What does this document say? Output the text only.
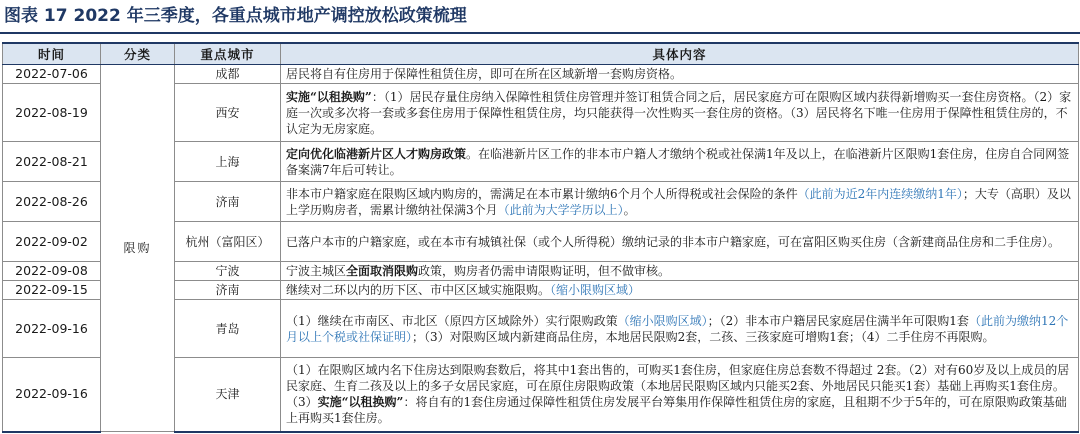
图表 17 2022 年三季度，各重点城市地产调控放松政策梳理
时间	分类	重点城市	具体内容
2022-07-06	限购	成都	居民将自有住房用于保障性租赁住房，即可在所在区域新增一套购房资格。
2022-08-19		西安	实施“以租换购”：（1）居民存量住房纳入保障性租赁住房管理并签订租赁合同之后，居民家庭方可在限购区域内获得新增购买一套住房资格。（2）家庭一次或多次将一套或多套住房用于保障性租赁住房，均只能获得一次性购买一套住房的资格。（3）居民将名下唯一住房用于保障性租赁住房的，不认定为无房家庭。
2022-08-21		上海	定向优化临港新片区人才购房政策。在临港新片区工作的非本市户籍人才缴纳个税或社保满1年及以上，在临港新片区限购1套住房，住房自合同网签备案满7年后可转让。
2022-08-26		济南	非本市户籍家庭在限购区域内购房的，需满足在本市累计缴纳6个月个人所得税或社会保险的条件（此前为近2年内连续缴纳1年）；大专（高职）及以上学历购房者，需累计缴纳社保满3个月（此前为大学学历以上）。
2022-09-02		杭州（富阳区）	已落户本市的户籍家庭，或在本市有城镇社保（或个人所得税）缴纳记录的非本市户籍家庭，可在富阳区购买住房（含新建商品住房和二手住房）。
2022-09-08		宁波	宁波主城区全面取消限购政策，购房者仍需申请限购证明，但不做审核。
2022-09-15		济南	继续对二环以内的历下区、市中区区域实施限购。（缩小限购区域）
2022-09-16		青岛	（1）继续在市南区、市北区（原四方区域除外）实行限购政策（缩小限购区域）；（2）非本市户籍居民家庭居住满半年可限购1套（此前为缴纳12个月以上个税或社保证明）；（3）对限购区域内新建商品住房，本地居民限购2套，二孩、三孩家庭可增购1套；（4）二手住房不再限购。
2022-09-16		天津	（1）在限购区域内名下住房达到限购套数后，将其中1套出售的，可购买1套住房，但家庭住房总套数不得超过 2套。（2）对有60岁及以上成员的居民家庭、生育二孩及以上的多子女居民家庭，可在原住房限购政策（本地居民限购区域内只能买2套、外地居民只能买1套）基础上再购买1套住房。（3）实施“以租换购”：将自有的1套住房通过保障性租赁住房发展平台筹集用作保障性租赁住房的家庭，且租期不少于5年的，可在原限购政策基础上再购买1套住房。
